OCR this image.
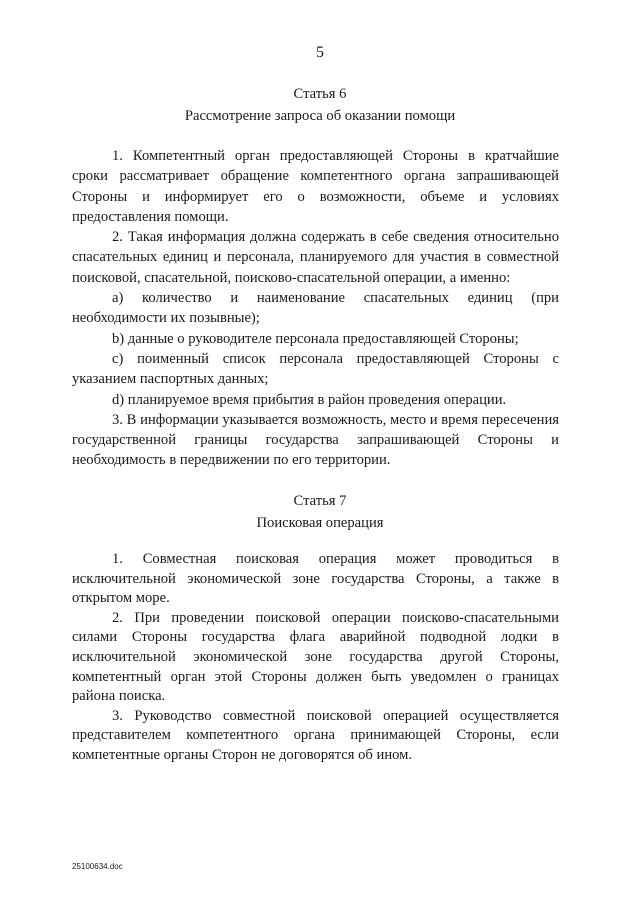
5
Статья 6
Рассмотрение запроса об оказании помощи

1. Компетентный орган предоставляющей Стороны в кратчайшие сроки рассматривает обращение компетентного органа запрашивающей Стороны и информирует его о возможности, объеме и условиях предоставления помощи.

2. Такая информация должна содержать в себе сведения относительно спасательных единиц и персонала, планируемого для участия в совместной поисковой, спасательной, поисково-спасательной операции, а именно:

а) количество и наименование спасательных единиц (при необходимости их позывные);

b) данные о руководителе персонала предоставляющей Стороны;

с) поименный список персонала предоставляющей Стороны с указанием паспортных данных;

d) планируемое время прибытия в район проведения операции.

3. В информации указывается возможность, место и время пересечения государственной границы государства запрашивающей Стороны и необходимость в передвижении по его территории.

Статья 7
Поисковая операция

1. Совместная поисковая операция может проводиться в исключительной экономической зоне государства Стороны, а также в открытом море.

2. При проведении поисковой операции поисково-спасательными силами Стороны государства флага аварийной подводной лодки в исключительной экономической зоне государства другой Стороны, компетентный орган этой Стороны должен быть уведомлен о границах района поиска.

3. Руководство совместной поисковой операцией осуществляется представителем компетентного органа принимающей Стороны, если компетентные органы Сторон не договорятся об ином.

25100634.doc
